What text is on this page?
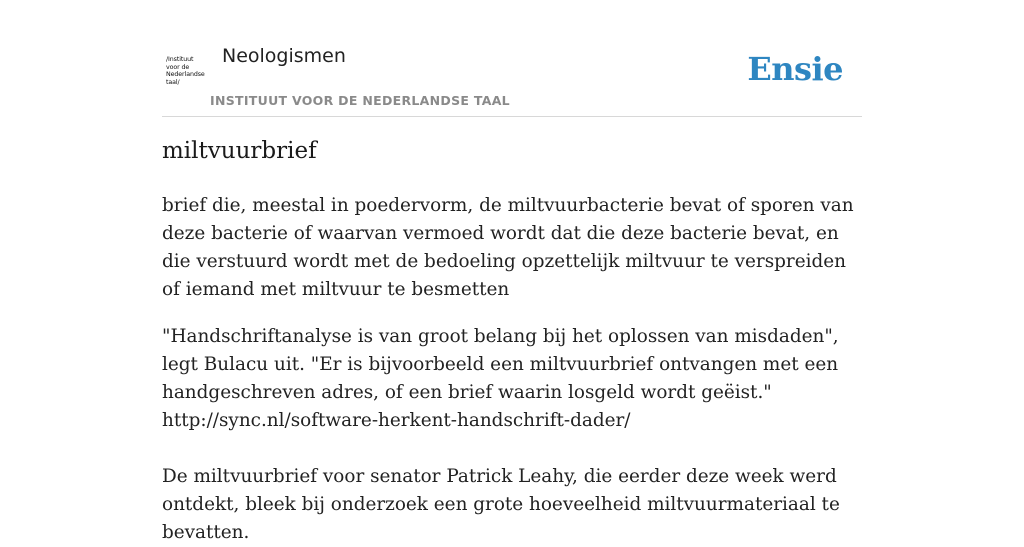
/Instituut
voor de
Nederlandse
taal/
Neologismen
INSTITUUT VOOR DE NEDERLANDSE TAAL
Ensie
miltvuurbrief
brief die, meestal in poedervorm, de miltvuurbacterie bevat of sporen van deze bacterie of waarvan vermoed wordt dat die deze bacterie bevat, en die verstuurd wordt met de bedoeling opzettelijk miltvuur te verspreiden of iemand met miltvuur te besmetten

"Handschriftanalyse is van groot belang bij het oplossen van misdaden", legt Bulacu uit. "Er is bijvoorbeeld een miltvuurbrief ontvangen met een handgeschreven adres, of een brief waarin losgeld wordt geëist."

http://sync.nl/software-herkent-handschrift-dader/

De miltvuurbrief voor senator Patrick Leahy, die eerder deze week werd ontdekt, bleek bij onderzoek een grote hoeveelheid miltvuurmateriaal te bevatten.
